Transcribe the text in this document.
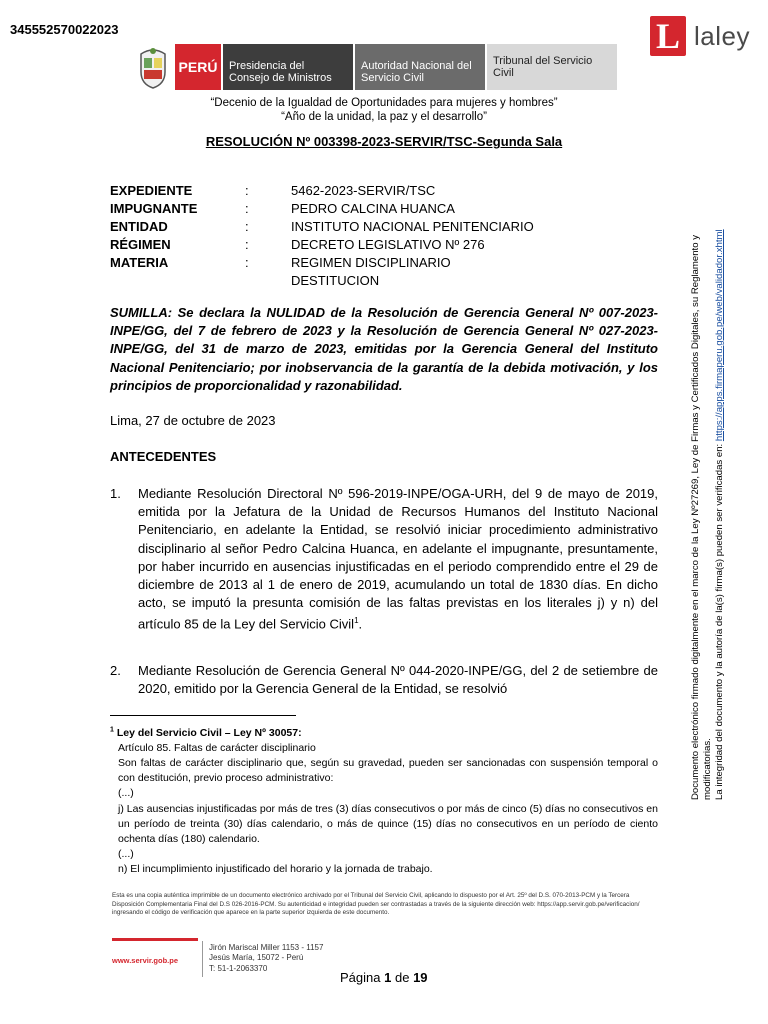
345552570022023	L laley
PERÚ	Presidencia del Consejo de Ministros
Autoridad Nacional del Servicio Civil
Tribunal del Servicio Civil
“Decenio de la Igualdad de Oportunidades para mujeres y hombres”
“Año de la unidad, la paz y el desarrollo”
RESOLUCIÓN Nº 003398-2023-SERVIR/TSC-Segunda Sala
EXPEDIENTE	:	5462-2023-SERVIR/TSC
IMPUGNANTE	:	PEDRO CALCINA HUANCA
ENTIDAD	:	INSTITUTO NACIONAL PENITENCIARIO
RÉGIMEN	:	DECRETO LEGISLATIVO Nº 276
MATERIA	:	REGIMEN DISCIPLINARIO
DESTITUCION
SUMILLA: Se declara la NULIDAD de la Resolución de Gerencia General Nº 007-2023-INPE/GG, del 7 de febrero de 2023 y la Resolución de Gerencia General Nº 027-2023-INPE/GG, del 31 de marzo de 2023, emitidas por la Gerencia General del Instituto Nacional Penitenciario; por inobservancia de la garantía de la debida motivación, y los principios de proporcionalidad y razonabilidad.
Lima, 27 de octubre de 2023
ANTECEDENTES
1.	Mediante Resolución Directoral Nº 596-2019-INPE/OGA-URH, del 9 de mayo de 2019, emitida por la Jefatura de la Unidad de Recursos Humanos del Instituto Nacional Penitenciario, en adelante la Entidad, se resolvió iniciar procedimiento administrativo disciplinario al señor Pedro Calcina Huanca, en adelante el impugnante, presuntamente, por haber incurrido en ausencias injustificadas en el periodo comprendido entre el 29 de diciembre de 2013 al 1 de enero de 2019, acumulando un total de 1830 días. En dicho acto, se imputó la presunta comisión de las faltas previstas en los literales j) y n) del artículo 85 de la Ley del Servicio Civil$^1$.
2.	Mediante Resolución de Gerencia General Nº 044-2020-INPE/GG, del 2 de setiembre de 2020, emitido por la Gerencia General de la Entidad, se resolvió
$^1$ Ley del Servicio Civil – Ley Nº 30057:
Artículo 85. Faltas de carácter disciplinario
Son faltas de carácter disciplinario que, según su gravedad, pueden ser sancionadas con suspensión temporal o con destitución, previo proceso administrativo:
(...)
j) Las ausencias injustificadas por más de tres (3) días consecutivos o por más de cinco (5) días no consecutivos en un período de treinta (30) días calendario, o más de quince (15) días no consecutivos en un período de ciento ochenta días (180) calendario.
(...)
n) El incumplimiento injustificado del horario y la jornada de trabajo.
Esta es una copia auténtica imprimible de un documento electrónico archivado por el Tribunal del Servicio Civil, aplicando lo dispuesto por el Art. 25º del D.S. 070-2013-PCM y la Tercera Disposición Complementaria Final del D.S 026-2016-PCM. Su autenticidad e integridad pueden ser contrastadas a través de la siguiente dirección web: https://app.servir.gob.pe/verificacion/ ingresando el código de verificación que aparece en la parte superior izquierda de este documento.
www.servir.gob.pe
Jirón Mariscal Miller 1153 - 1157
Jesús María, 15072 - Perú
T: 51-1-2063370
Página 1 de 19
Documento electrónico firmado digitalmente en el marco de la Ley Nº27269, Ley de Firmas y Certificados Digitales, su Reglamento y modificatorias. La integridad del documento y la autoría de la(s) firma(s) pueden ser verificadas en: https://apps.firmaperu.gob.pe/web/validador.xhtml
